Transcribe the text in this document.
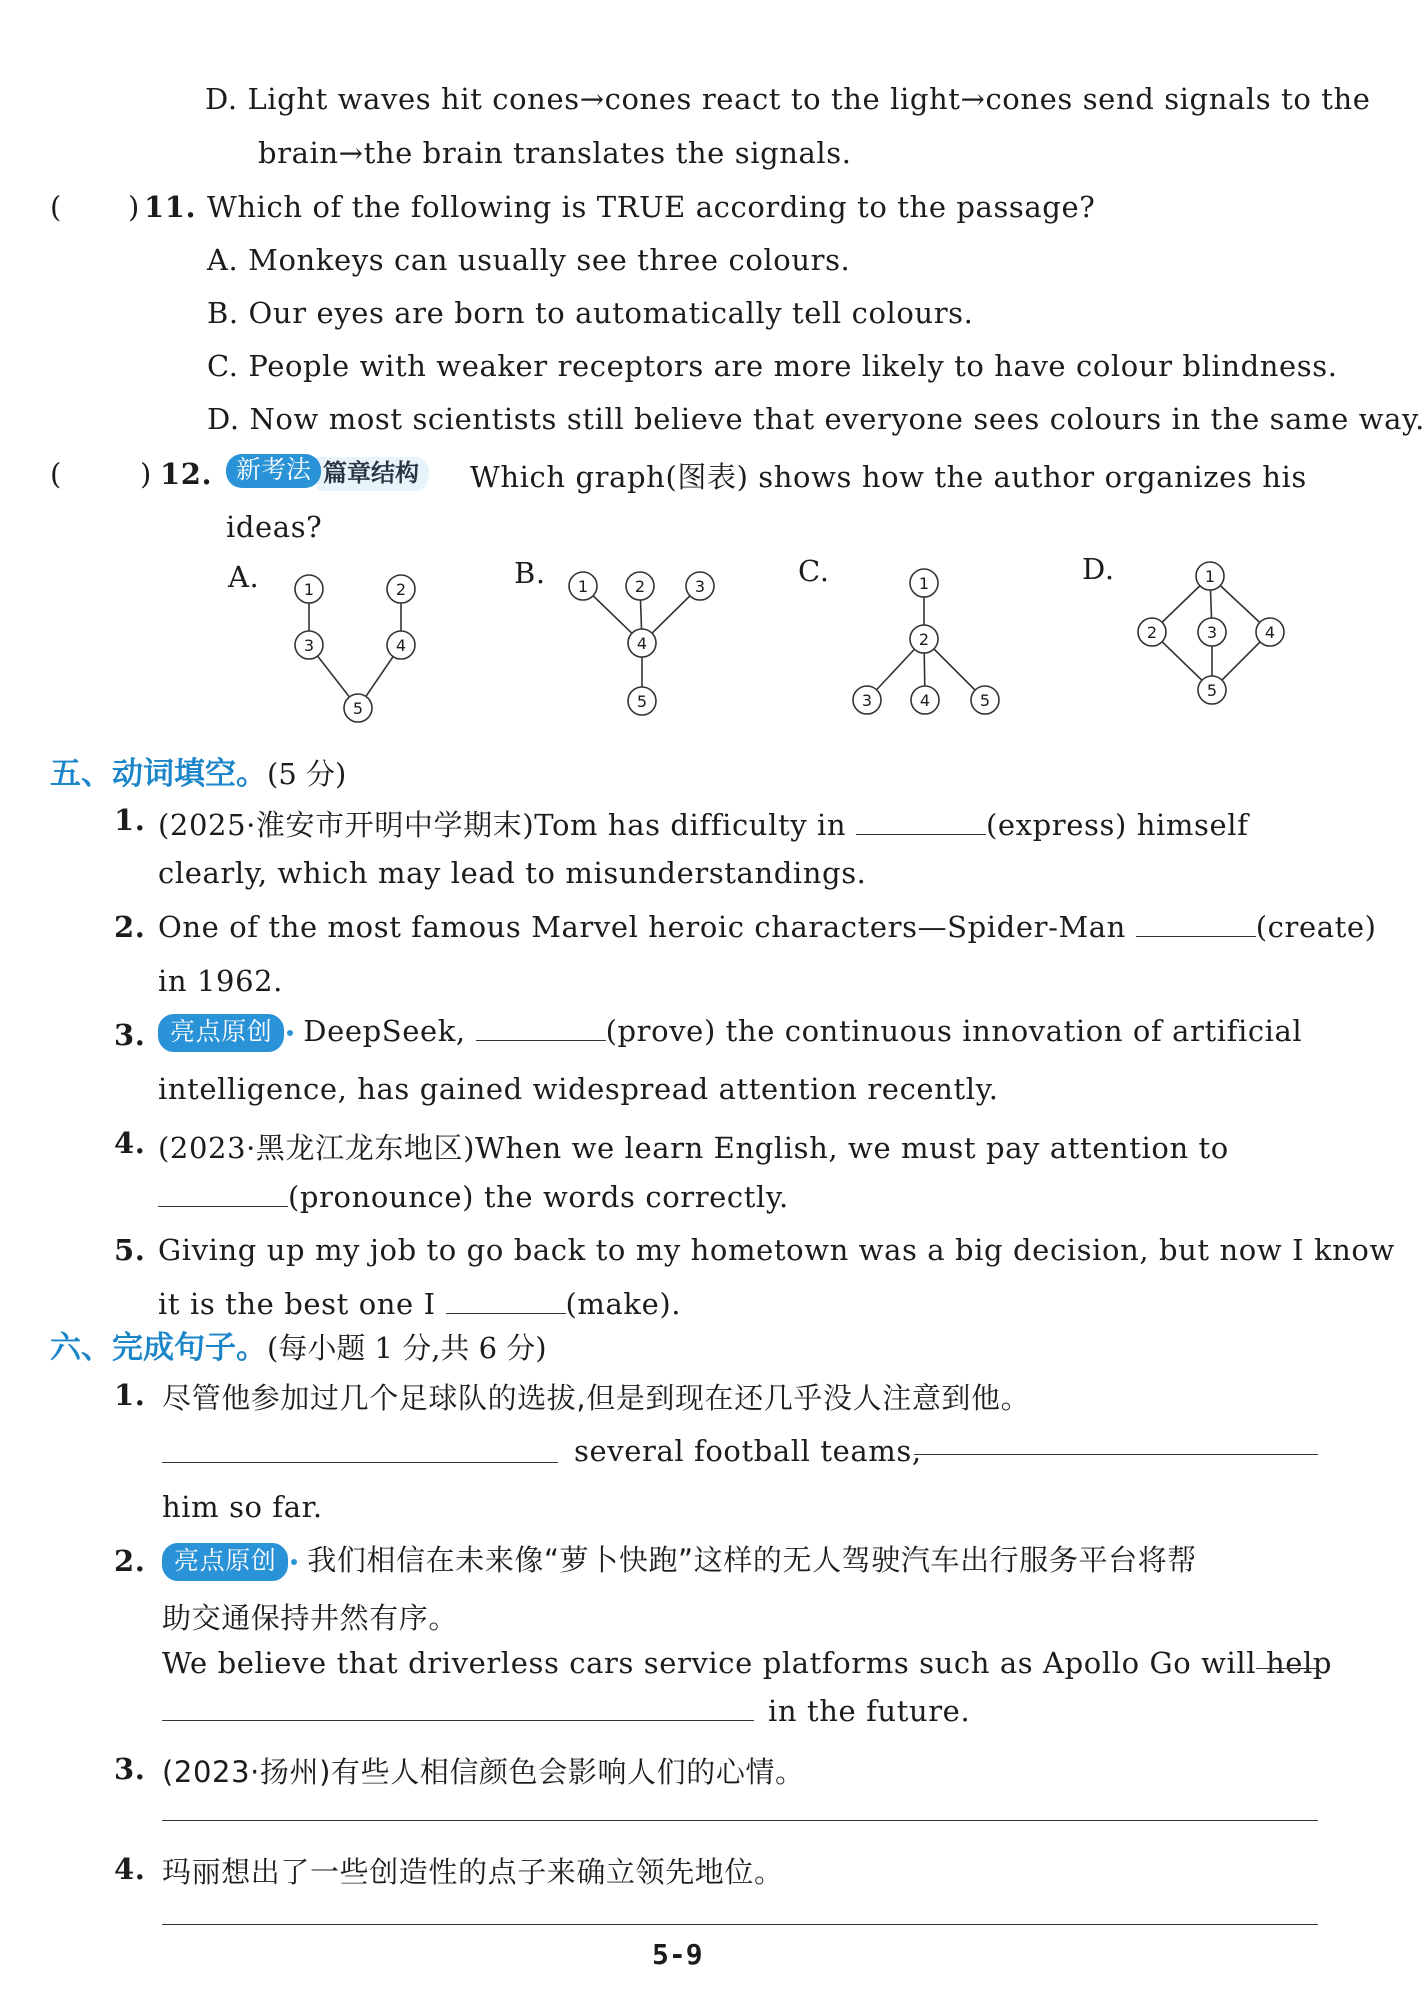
D. Light waves hit cones→cones react to the light→cones send signals to the
brain→the brain translates the signals.
( ) 11. Which of the following is TRUE according to the passage?
A. Monkeys can usually see three colours.
B. Our eyes are born to automatically tell colours.
C. People with weaker receptors are more likely to have colour blindness.
D. Now most scientists still believe that everyone sees colours in the same way.
(	) 12. 新考法 篇章结构	Which graph(图表) shows how the author organizes his
ideas?
A.	B.	C.	D.
1	2
3	4
5
1	2	3
4
5
1
2
3	4	5
1
2	3	4
5
五、动词填空。(5 分)
1. (2025·淮安市开明中学期末)Tom has difficulty in	(express) himself
clearly, which may lead to misunderstandings.
2. One of the most famous Marvel heroic characters—Spider-Man	(create)
in 1962.
3. 亮点原创 DeepSeek,	(prove) the continuous innovation of artificial
intelligence, has gained widespread attention recently.
4. (2023·黑龙江龙东地区)When we learn English, we must pay attention to
(pronounce) the words correctly.
5. Giving up my job to go back to my hometown was a big decision, but now I know
it is the best one I	(make).
六、完成句子。(每小题 1 分,共 6 分)
1. 尽管他参加过几个足球队的选拔,但是到现在还几乎没人注意到他。
several football teams,
him so far.
2.	亮点原创 我们相信在未来像“萝卜快跑”这样的无人驾驶汽车出行服务平台将帮
助交通保持井然有序。
We believe that driverless cars service platforms such as Apollo Go will help
in the future.
3. (2023·扬州)有些人相信颜色会影响人们的心情。
4. 玛丽想出了一些创造性的点子来确立领先地位。
5-9
